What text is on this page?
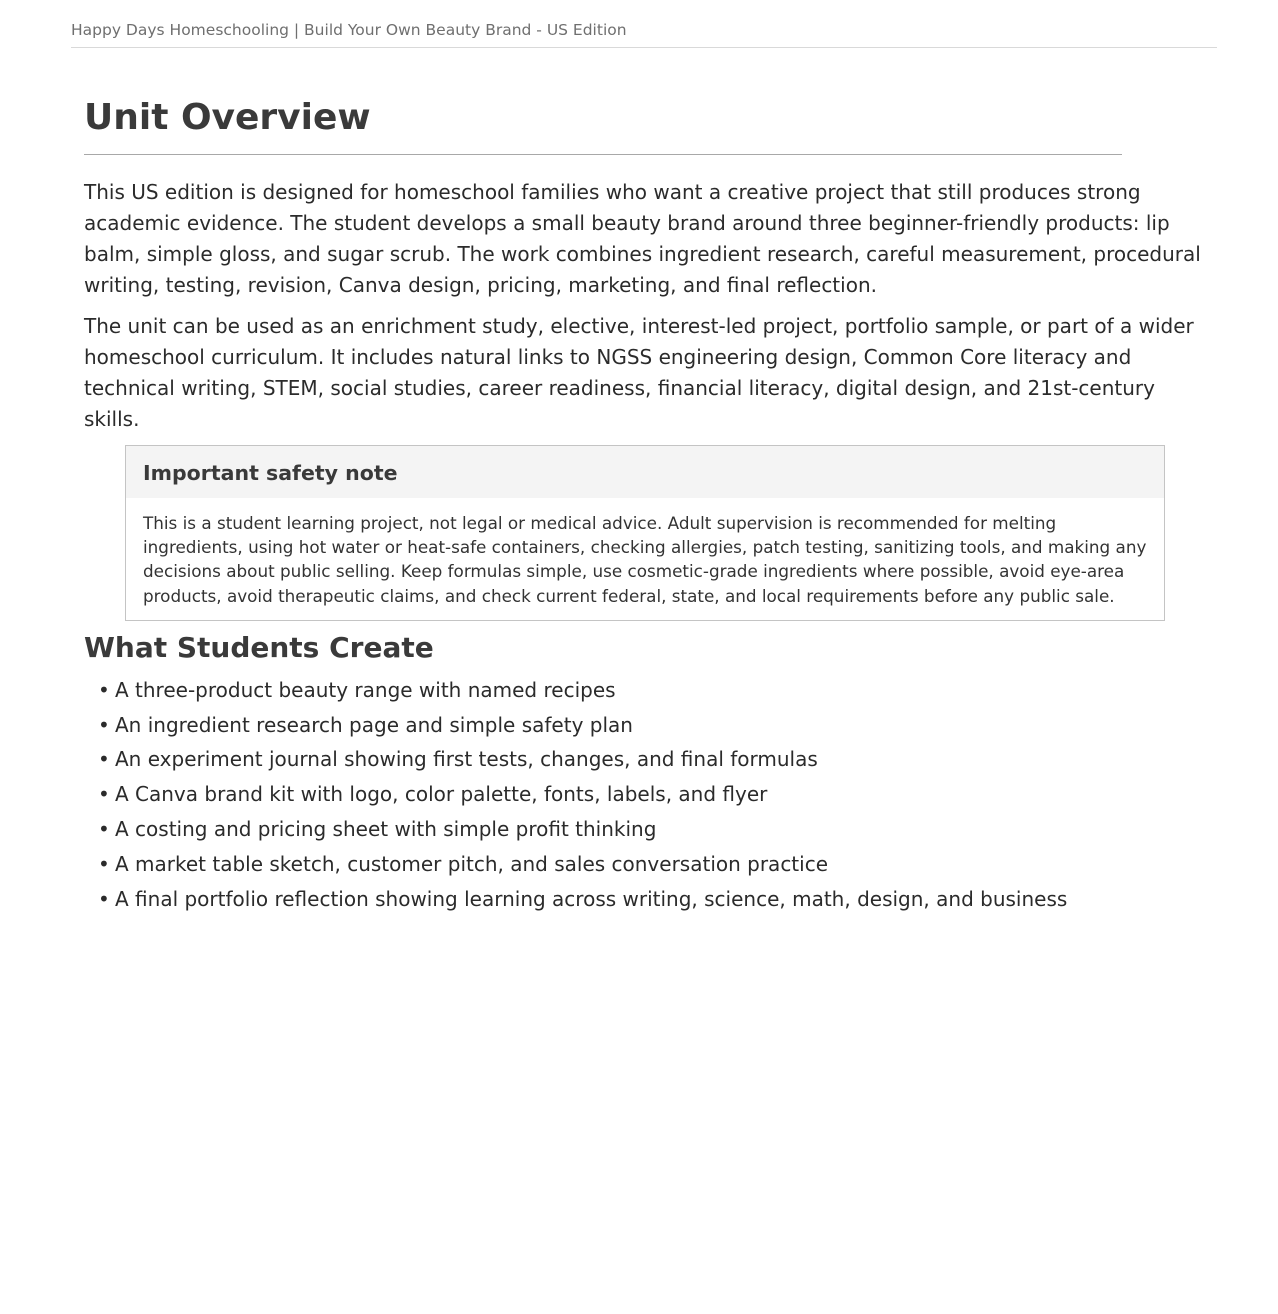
Happy Days Homeschooling | Build Your Own Beauty Brand - US Edition
Unit Overview

This US edition is designed for homeschool families who want a creative project that still produces strong academic evidence. The student develops a small beauty brand around three beginner-friendly products: lip balm, simple gloss, and sugar scrub. The work combines ingredient research, careful measurement, procedural writing, testing, revision, Canva design, pricing, marketing, and final reflection.

The unit can be used as an enrichment study, elective, interest-led project, portfolio sample, or part of a wider homeschool curriculum. It includes natural links to NGSS engineering design, Common Core literacy and technical writing, STEM, social studies, career readiness, financial literacy, digital design, and 21st-century skills.

Important safety note
This is a student learning project, not legal or medical advice. Adult supervision is recommended for melting ingredients, using hot water or heat-safe containers, checking allergies, patch testing, sanitizing tools, and making any decisions about public selling. Keep formulas simple, use cosmetic-grade ingredients where possible, avoid eye-area products, avoid therapeutic claims, and check current federal, state, and local requirements before any public sale.
What Students Create
• A three-product beauty range with named recipes
• An ingredient research page and simple safety plan
• An experiment journal showing first tests, changes, and final formulas
• A Canva brand kit with logo, color palette, fonts, labels, and flyer
• A costing and pricing sheet with simple profit thinking
• A market table sketch, customer pitch, and sales conversation practice
• A final portfolio reflection showing learning across writing, science, math, design, and business
